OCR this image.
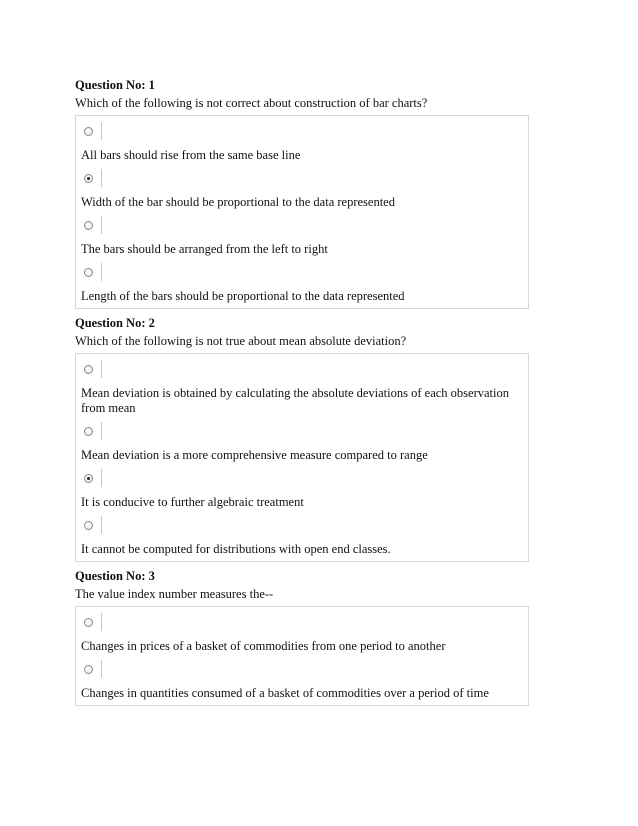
Question No: 1
Which of the following is not correct about construction of bar charts?
All bars should rise from the same base line
Width of the bar should be proportional to the data represented
The bars should be arranged from the left to right
Length of the bars should be proportional to the data represented
Question No: 2
Which of the following is not true about mean absolute deviation?
Mean deviation is obtained by calculating the absolute deviations of each observation from mean
Mean deviation is a more comprehensive measure compared to range
It is conducive to further algebraic treatment
It cannot be computed for distributions with open end classes.
Question No: 3
The value index number measures the--
Changes in prices of a basket of commodities from one period to another
Changes in quantities consumed of a basket of commodities over a period of time
